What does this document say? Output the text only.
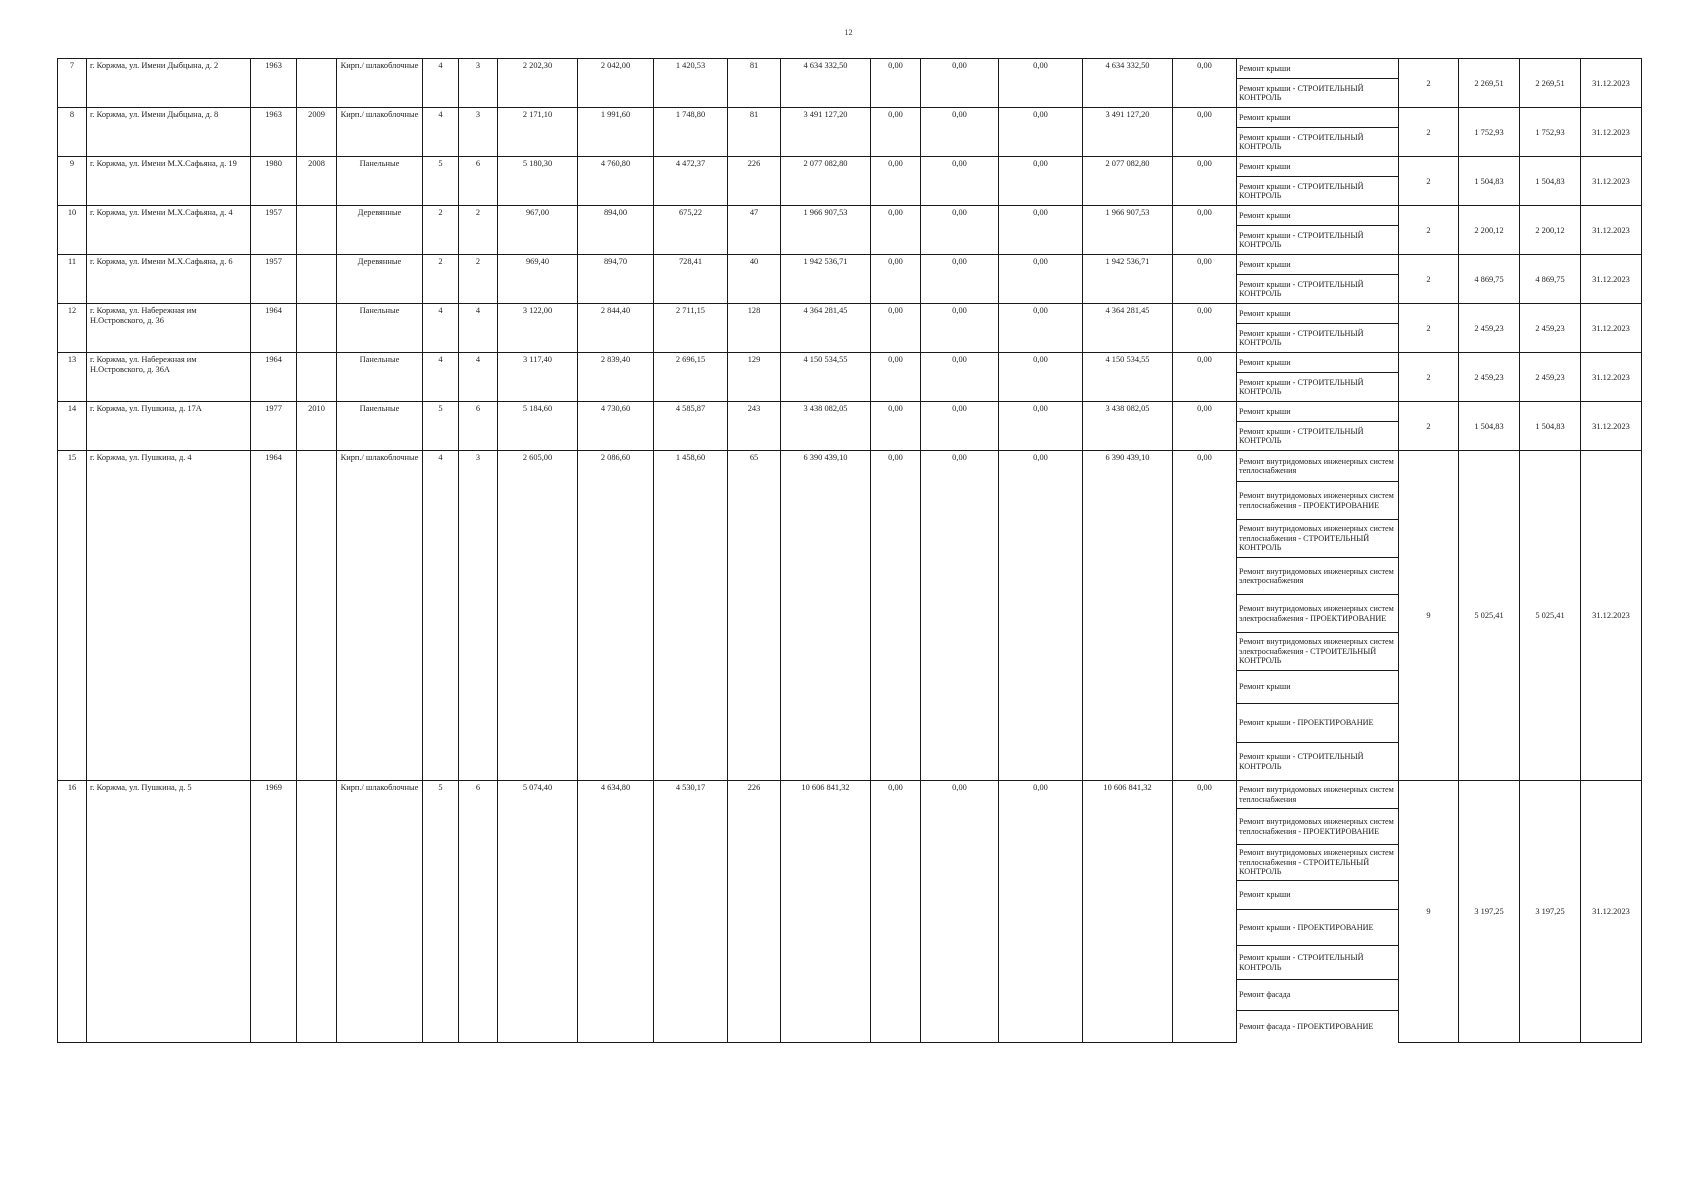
12
7	г. Коржма, ул. Имени Дыбцына, д. 2	1963		Кирп./ шлакоблочные	4	3	2 202,30	2 042,00	1 420,53	81	4 634 332,50	0,00	0,00	0,00	4 634 332,50	0,00	Ремонт крыши	2	2 269,51	2 269,51	31.12.2023
																	Ремонт крыши - СТРОИТЕЛЬНЫЙ КОНТРОЛЬ				
8	г. Коржма, ул. Имени Дыбцына, д. 8	1963	2009	Кирп./ шлакоблочные	4	3	2 171,10	1 991,60	1 748,80	81	3 491 127,20	0,00	0,00	0,00	3 491 127,20	0,00	Ремонт крыши	2	1 752,93	1 752,93	31.12.2023
																	Ремонт крыши - СТРОИТЕЛЬНЫЙ КОНТРОЛЬ				
9	г. Коржма, ул. Имени М.Х.Сафьяна, д. 19	1980	2008	Панельные	5	6	5 180,30	4 760,80	4 472,37	226	2 077 082,80	0,00	0,00	0,00	2 077 082,80	0,00	Ремонт крыши	2	1 504,83	1 504,83	31.12.2023
																	Ремонт крыши - СТРОИТЕЛЬНЫЙ КОНТРОЛЬ				
10	г. Коржма, ул. Имени М.Х.Сафьяна, д. 4	1957		Деревянные	2	2	967,00	894,00	675,22	47	1 966 907,53	0,00	0,00	0,00	1 966 907,53	0,00	Ремонт крыши	2	2 200,12	2 200,12	31.12.2023
																	Ремонт крыши - СТРОИТЕЛЬНЫЙ КОНТРОЛЬ				
11	г. Коржма, ул. Имени М.Х.Сафьяна, д. 6	1957		Деревянные	2	2	969,40	894,70	728,41	40	1 942 536,71	0,00	0,00	0,00	1 942 536,71	0,00	Ремонт крыши	2	4 869,75	4 869,75	31.12.2023
																	Ремонт крыши - СТРОИТЕЛЬНЫЙ КОНТРОЛЬ				
12	г. Коржма, ул. Набережная им Н.Островского, д. 36	1964		Панельные	4	4	3 122,00	2 844,40	2 711,15	128	4 364 281,45	0,00	0,00	0,00	4 364 281,45	0,00	Ремонт крыши	2	2 459,23	2 459,23	31.12.2023
																	Ремонт крыши - СТРОИТЕЛЬНЫЙ КОНТРОЛЬ				
13	г. Коржма, ул. Набережная им Н.Островского, д. 36А	1964		Панельные	4	4	3 117,40	2 839,40	2 696,15	129	4 150 534,55	0,00	0,00	0,00	4 150 534,55	0,00	Ремонт крыши	2	2 459,23	2 459,23	31.12.2023
																	Ремонт крыши - СТРОИТЕЛЬНЫЙ КОНТРОЛЬ				
14	г. Коржма, ул. Пушкина, д. 17А	1977	2010	Панельные	5	6	5 184,60	4 730,60	4 585,87	243	3 438 082,05	0,00	0,00	0,00	3 438 082,05	0,00	Ремонт крыши	2	1 504,83	1 504,83	31.12.2023
																	Ремонт крыши - СТРОИТЕЛЬНЫЙ КОНТРОЛЬ				
15	г. Коржма, ул. Пушкина, д. 4	1964		Кирп./ шлакоблочные	4	3	2 605,00	2 086,60	1 458,60	65	6 390 439,10	0,00	0,00	0,00	6 390 439,10	0,00	Ремонт внутридомовых инженерных систем теплоснабжения	9	5 025,41	5 025,41	31.12.2023
																	Ремонт внутридомовых инженерных систем теплоснабжения - ПРОЕКТИРОВАНИЕ				
																	Ремонт внутридомовых инженерных систем теплоснабжения - СТРОИТЕЛЬНЫЙ КОНТРОЛЬ				
																	Ремонт внутридомовых инженерных систем электроснабжения				
																	Ремонт внутридомовых инженерных систем электроснабжения - ПРОЕКТИРОВАНИЕ				
																	Ремонт внутридомовых инженерных систем электроснабжения - СТРОИТЕЛЬНЫЙ КОНТРОЛЬ				
																	Ремонт крыши				
																	Ремонт крыши - ПРОЕКТИРОВАНИЕ				
																	Ремонт крыши - СТРОИТЕЛЬНЫЙ КОНТРОЛЬ				
16	г. Коржма, ул. Пушкина, д. 5	1969		Кирп./ шлакоблочные	5	6	5 074,40	4 634,80	4 530,17	226	10 606 841,32	0,00	0,00	0,00	10 606 841,32	0,00	Ремонт внутридомовых инженерных систем теплоснабжения	9	3 197,25	3 197,25	31.12.2023
																	Ремонт внутридомовых инженерных систем теплоснабжения - ПРОЕКТИРОВАНИЕ				
																	Ремонт внутридомовых инженерных систем теплоснабжения - СТРОИТЕЛЬНЫЙ КОНТРОЛЬ				
																	Ремонт крыши				
																	Ремонт крыши - ПРОЕКТИРОВАНИЕ				
																	Ремонт крыши - СТРОИТЕЛЬНЫЙ КОНТРОЛЬ				
																	Ремонт фасада				
																	Ремонт фасада - ПРОЕКТИРОВАНИЕ				
